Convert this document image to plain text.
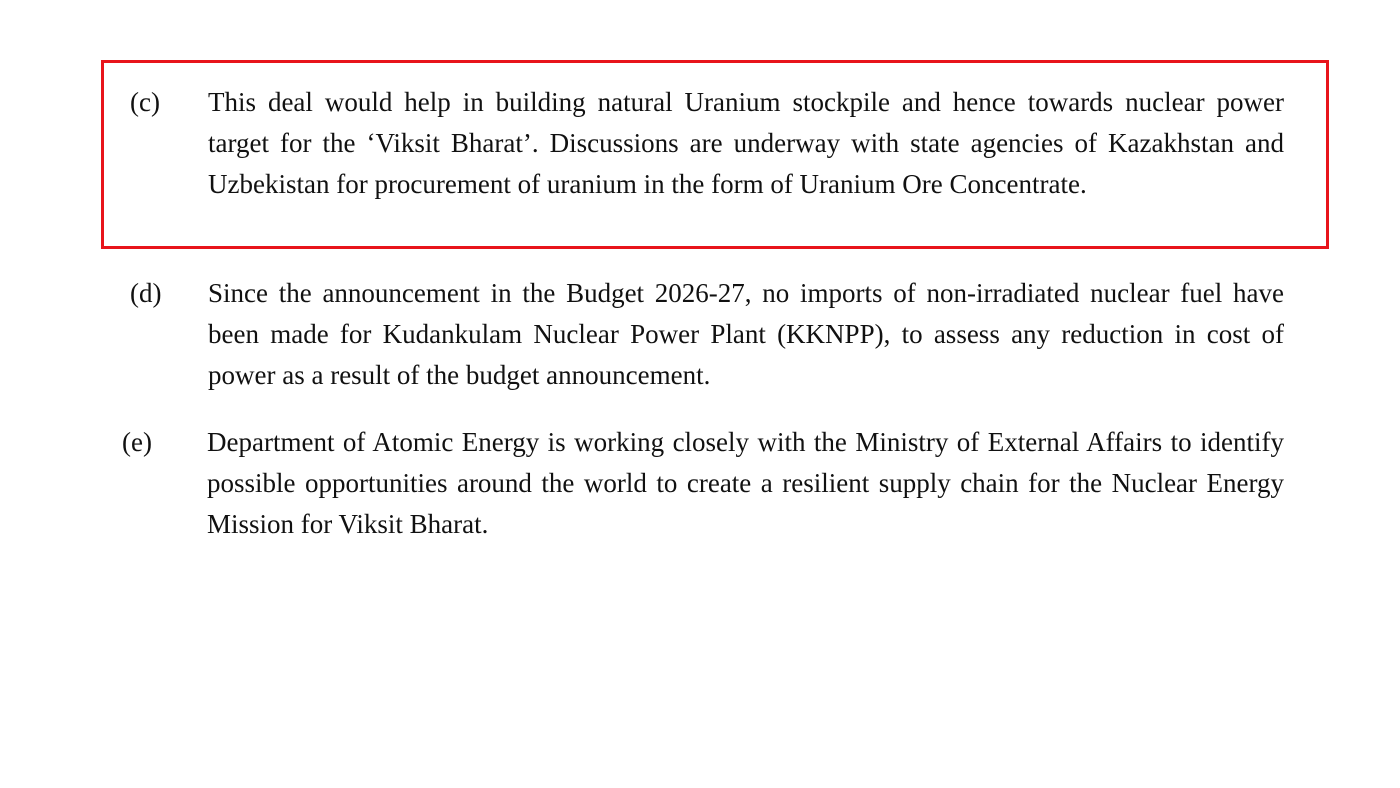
(c) This deal would help in building natural Uranium stockpile and hence towards nuclear power target for the ‘Viksit Bharat’. Discussions are underway with state agencies of Kazakhstan and Uzbekistan for procurement of uranium in the form of Uranium Ore Concentrate.
(d) Since the announcement in the Budget 2026-27, no imports of non-irradiated nuclear fuel have been made for Kudankulam Nuclear Power Plant (KKNPP), to assess any reduction in cost of power as a result of the budget announcement.
(e) Department of Atomic Energy is working closely with the Ministry of External Affairs to identify possible opportunities around the world to create a resilient supply chain for the Nuclear Energy Mission for Viksit Bharat.
